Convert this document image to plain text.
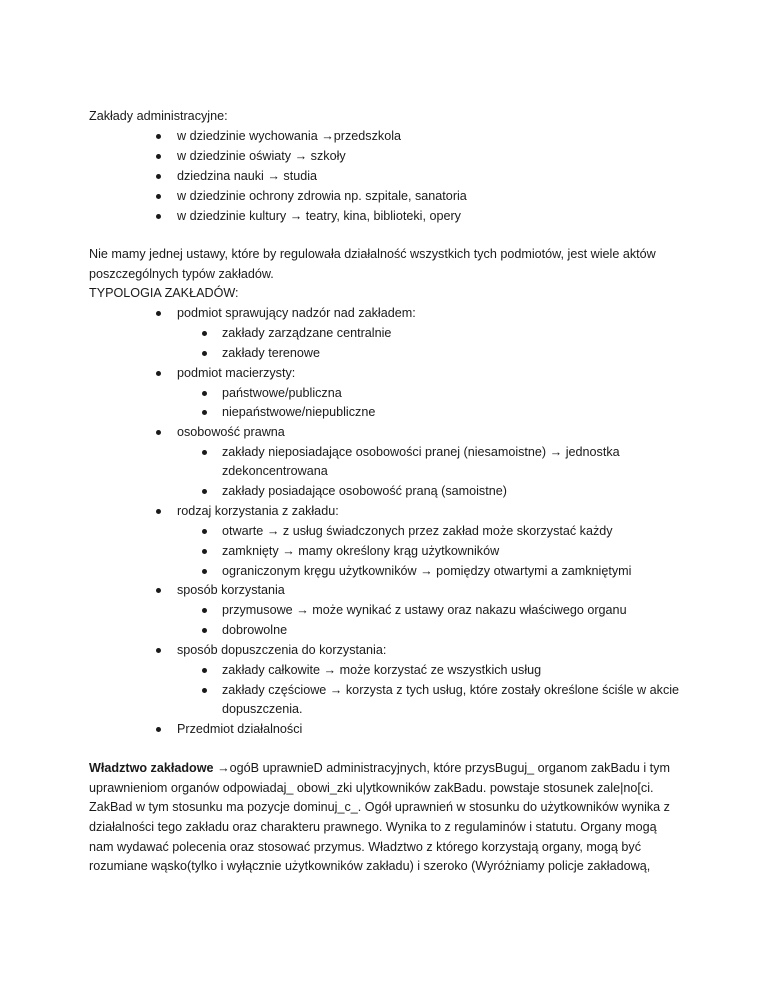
Zakłady administracyjne:
w dziedzinie wychowania →przedszkola
w dziedzinie oświaty → szkoły
dziedzina nauki → studia
w dziedzinie ochrony zdrowia np. szpitale, sanatoria
w dziedzinie kultury → teatry, kina, biblioteki, opery
Nie mamy jednej ustawy, które by regulowała działalność wszystkich tych podmiotów, jest wiele aktów
poszczególnych typów zakładów.
TYPOLOGIA ZAKŁADÓW:
podmiot sprawujący nadzór nad zakładem:
zakłady zarządzane centralnie
zakłady terenowe
podmiot macierzysty:
państwowe/publiczna
niepaństwowe/niepubliczne
osobowość prawna
zakłady nieposiadające osobowości pranej (niesamoistne) → jednostka
zdekoncentrowana
zakłady posiadające osobowość praną (samoistne)
rodzaj korzystania z zakładu:
otwarte → z usług świadczonych przez zakład może skorzystać każdy
zamknięty → mamy określony krąg użytkowników
ograniczonym kręgu użytkowników → pomiędzy otwartymi a zamkniętymi
sposób korzystania
przymusowe → może wynikać z ustawy oraz nakazu właściwego organu
dobrowolne
sposób dopuszczenia do korzystania:
zakłady całkowite → może korzystać ze wszystkich usług
zakłady częściowe → korzysta z tych usług, które zostały określone ściśle w akcie
dopuszczenia.
Przedmiot działalności
Władztwo zakładowe →ogóB uprawnieD administracyjnych, które przysBuguj_ organom zakBadu i tym
uprawnieniom organów odpowiadaj_ obowi_zki u|ytkowników zakBadu. powstaje stosunek zale|no[ci.
ZakBad w tym stosunku ma pozycje dominuj_c_. Ogół uprawnień w stosunku do użytkowników wynika z
działalności tego zakładu oraz charakteru prawnego. Wynika to z regulaminów i statutu. Organy mogą
nam wydawać polecenia oraz stosować przymus. Władztwo z którego korzystają organy, mogą być
rozumiane wąsko(tylko i wyłącznie użytkowników zakładu) i szeroko (Wyróżniamy policje zakładową,
